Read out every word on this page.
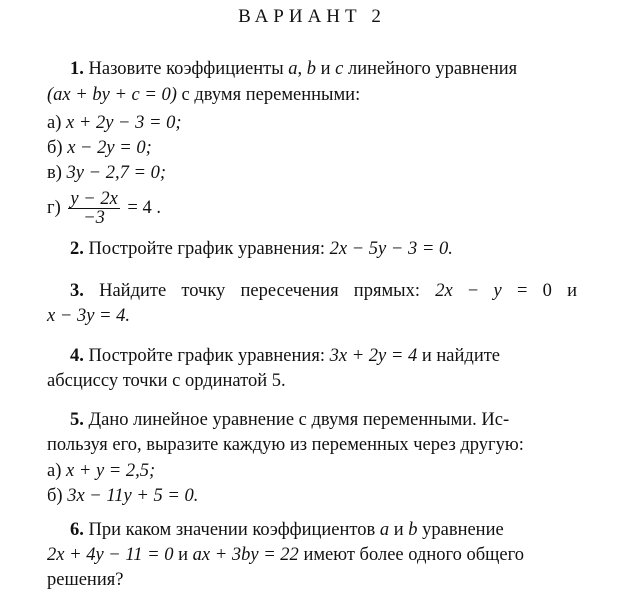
ВАРИАНТ 2
1. Назовите коэффициенты a, b и c линейного уравнения
(ax + by + c = 0) с двумя переменными:
а) x + 2y − 3 = 0;
б) x − 2y = 0;
в) 3y − 2,7 = 0;
$г) \frac{y - 2x}{-3} = 4$ .
2. Постройте график уравнения: 2x − 5y − 3 = 0.
3. Найдите точку пересечения прямых: 2x − y = 0 и
x − 3y = 4.
4. Постройте график уравнения: 3x + 2y = 4 и найдите
абсциссу точки с ординатой 5.
5. Дано линейное уравнение с двумя переменными. Ис-
пользуя его, выразите каждую из переменных через другую:
а) x + y = 2,5;
б) 3x − 11y + 5 = 0.
6. При каком значении коэффициентов a и b уравнение
2x + 4y − 11 = 0 и ax + 3by = 22 имеют более одного общего
решения?
